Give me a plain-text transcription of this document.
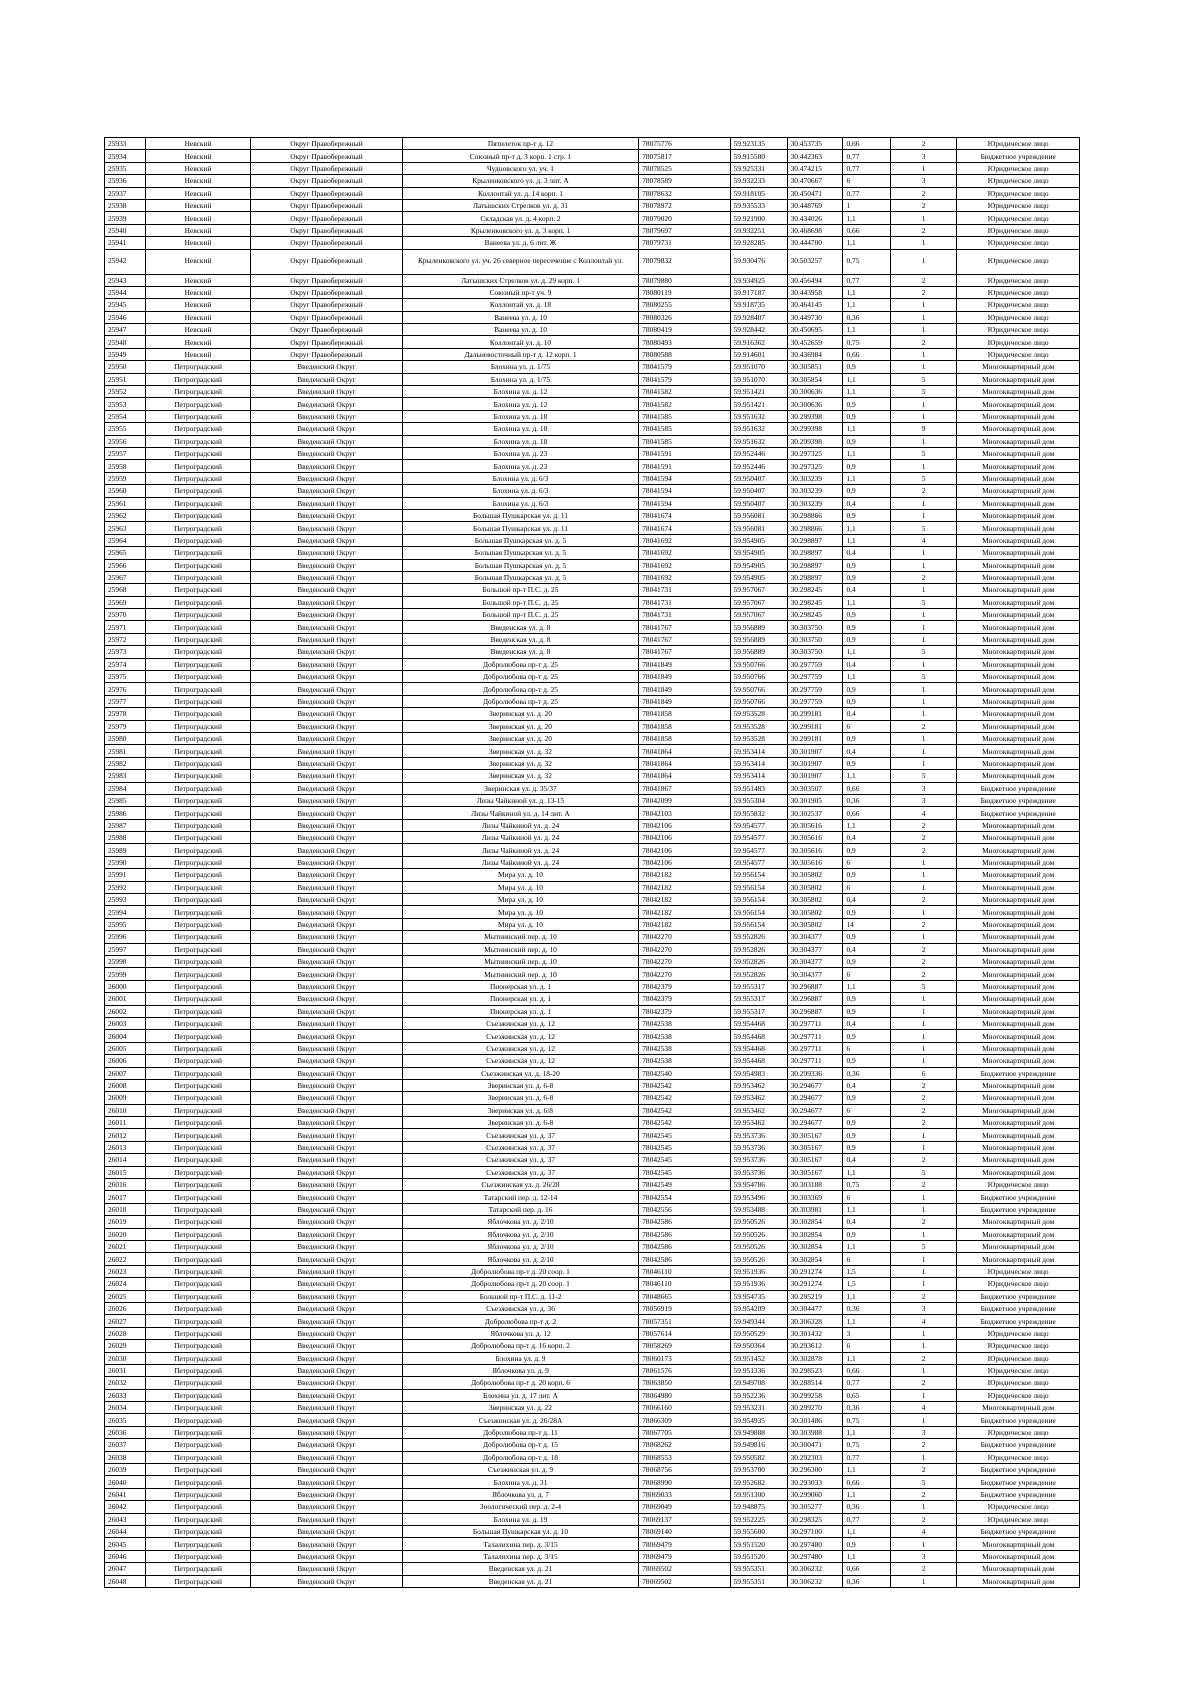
25933	Невский	Округ Правобережный	Пятилеток пр-т д. 12	78075776	59.923135	30.453735	0,66	2	Юридическое лицо
25934	Невский	Округ Правобережный	Союзный пр-т д. 3 корп. 1 стр. 1	78075817	59.915580	30.442363	0,77	3	Бюджетное учреждение
25935	Невский	Округ Правобережный	Чудновского ул. уч. 1	78078525	59.925331	30.474215	0,77	1	Юридическое лицо
25936	Невский	Округ Правобережный	Крыленковского ул. д. 3 лит. А	78078589	59.932233	30.470667	6	3	Юридическое лицо
25937	Невский	Округ Правобережный	Коллонтай ул. д. 14 корп. 1	78078632	59.918105	30.450471	0,77	2	Юридическое лицо
25938	Невский	Округ Правобережный	Латышских Стрелков ул. д. 31	78078972	59.935533	30.448769	1	2	Юридическое лицо
25939	Невский	Округ Правобережный	Складская ул. д. 4 корп. 2	78079020	59.921900	30.434026	1,1	1	Юридическое лицо
25940	Невский	Округ Правобережный	Крыленковского ул. д. 3 корп. 1	78079697	59.932251	30.468698	0,66	2	Юридическое лицо
25941	Невский	Округ Правобережный	Ванеева ул. д. 6 лит. Ж	78079731	59.928285	30.444700	1,1	1	Юридическое лицо
25942	Невский	Округ Правобережный	Крыленковского ул. уч. 26 северное пересечение с Коллонтай ул.	78079832	59.930476	30.503257	0,75	1	Юридическое лицо
25943	Невский	Округ Правобережный	Латышских Стрелков ул. д. 29 корп. 1	78079880	59.934925	30.456494	0,77	2	Юридическое лицо
25944	Невский	Округ Правобережный	Союзный пр-т уч. 9	78080119	59.917187	30.443958	1,1	2	Юридическое лицо
25945	Невский	Округ Правобережный	Коллонтай ул. д. 18	78080255	59.918735	30.464145	1,1	1	Юридическое лицо
25946	Невский	Округ Правобережный	Ванеева ул. д. 10	78080326	59.928407	30.449730	0,36	1	Юридическое лицо
25947	Невский	Округ Правобережный	Ванеева ул. д. 10	78080419	59.928442	30.450695	1,1	1	Юридическое лицо
25948	Невский	Округ Правобережный	Коллонтай ул. д. 10	78080493	59.916362	30.452659	0,75	2	Юридическое лицо
25949	Невский	Округ Правобережный	Дальневосточный пр-т д. 12 корп. 1	78080588	59.914601	30.436984	0,66	1	Юридическое лицо
25950	Петроградский	Введенский Округ	Блохина ул. д. 1/75	78041579	59.951070	30.305851	0,9	1	Многоквартирный дом
25951	Петроградский	Введенский Округ	Блохина ул. д. 1/75	78041579	59.951070	30.305854	1,1	5	Многоквартирный дом
25952	Петроградский	Введенский Округ	Блохина ул. д. 12	78041582	59.951421	30.300636	1,1	5	Многоквартирный дом
25953	Петроградский	Введенский Округ	Блохина ул. д. 12	78041582	59.951421	30.300636	0,9	1	Многоквартирный дом
25954	Петроградский	Введенский Округ	Блохина ул. д. 18	78041585	59.951632	30.299398	0,9	1	Многоквартирный дом
25955	Петроградский	Введенский Округ	Блохина ул. д. 18	78041585	59.951632	30.299398	1,1	9	Многоквартирный дом
25956	Петроградский	Введенский Округ	Блохина ул. д. 18	78041585	59.951632	30.299398	0,9	1	Многоквартирный дом
25957	Петроградский	Введенский Округ	Блохина ул. д. 23	78041591	59.952446	30.297325	1,1	5	Многоквартирный дом
25958	Петроградский	Введенский Округ	Блохина ул. д. 23	78041591	59.952446	30.297325	0,9	1	Многоквартирный дом
25959	Петроградский	Введенский Округ	Блохина ул. д. 6/3	78041594	59.950407	30.303239	1,1	5	Многоквартирный дом
25960	Петроградский	Введенский Округ	Блохина ул. д. 6/3	78041594	59.950407	30.303239	0,9	2	Многоквартирный дом
25961	Петроградский	Введенский Округ	Блохина ул. д. 6/3	78041594	59.950407	30.303239	0,4	1	Многоквартирный дом
25962	Петроградский	Введенский Округ	Большая Пушкарская ул. д. 11	78041674	59.956081	30.298866	0,9	1	Многоквартирный дом
25963	Петроградский	Введенский Округ	Большая Пушкарская ул. д. 11	78041674	59.956081	30.298866	1,1	5	Многоквартирный дом
25964	Петроградский	Введенский Округ	Большая Пушкарская ул. д. 5	78041692	59.954905	30.298897	1,1	4	Многоквартирный дом
25965	Петроградский	Введенский Округ	Большая Пушкарская ул. д. 5	78041692	59.954905	30.298897	0,4	1	Многоквартирный дом
25966	Петроградский	Введенский Округ	Большая Пушкарская ул. д. 5	78041692	59.954905	30.298897	0,9	1	Многоквартирный дом
25967	Петроградский	Введенский Округ	Большая Пушкарская ул. д. 5	78041692	59.954905	30.298897	0,9	2	Многоквартирный дом
25968	Петроградский	Введенский Округ	Большой пр-т П.С. д. 25	78041731	59.957067	30.298245	0,4	1	Многоквартирный дом
25969	Петроградский	Введенский Округ	Большой пр-т П.С. д. 25	78041731	59.957067	30.298245	1,1	5	Многоквартирный дом
25970	Петроградский	Введенский Округ	Большой пр-т П.С. д. 25	78041731	59.957067	30.298245	0,9	1	Многоквартирный дом
25971	Петроградский	Введенский Округ	Введенская ул. д. 8	78041767	59.956889	30.303750	0,9	1	Многоквартирный дом
25972	Петроградский	Введенский Округ	Введенская ул. д. 8	78041767	59.956889	30.303750	0,9	1	Многоквартирный дом
25973	Петроградский	Введенский Округ	Введенская ул. д. 8	78041767	59.956889	30.303750	1,1	5	Многоквартирный дом
25974	Петроградский	Введенский Округ	Добролюбова пр-т д. 25	78041849	59.950766	30.297759	0,4	1	Многоквартирный дом
25975	Петроградский	Введенский Округ	Добролюбова пр-т д. 25	78041849	59.950766	30.297759	1,1	5	Многоквартирный дом
25976	Петроградский	Введенский Округ	Добролюбова пр-т д. 25	78041849	59.950766	30.297759	0,9	1	Многоквартирный дом
25977	Петроградский	Введенский Округ	Добролюбова пр-т д. 25	78041849	59.950766	30.297759	0,9	1	Многоквартирный дом
25978	Петроградский	Введенский Округ	Зверинская ул. д. 20	78041858	59.953528	30.299181	0,4	1	Многоквартирный дом
25979	Петроградский	Введенский Округ	Зверинская ул. д. 20	78041858	59.953528	30.299181	6	2	Многоквартирный дом
25980	Петроградский	Введенский Округ	Зверинская ул. д. 20	78041858	59.953528	30.299181	0,9	1	Многоквартирный дом
25981	Петроградский	Введенский Округ	Зверинская ул. д. 32	78041864	59.953414	30.301907	0,4	1	Многоквартирный дом
25982	Петроградский	Введенский Округ	Зверинская ул. д. 32	78041864	59.953414	30.301907	0,9	1	Многоквартирный дом
25983	Петроградский	Введенский Округ	Зверинская ул. д. 32	78041864	59.953414	30.301907	1,1	5	Многоквартирный дом
25984	Петроградский	Введенский Округ	Зверинская ул. д. 35/37	78041867	59.951483	30.303507	0,66	3	Бюджетное учреждение
25985	Петроградский	Введенский Округ	Лизы Чайкиной ул. д. 13-15	78042099	59.955304	30.301905	0,36	3	Бюджетное учреждение
25986	Петроградский	Введенский Округ	Лизы Чайкиной ул. д. 14 лит. А	78042103	59.955832	30.302537	0,66	4	Бюджетное учреждение
25987	Петроградский	Введенский Округ	Лизы Чайкиной ул. д. 24	78042106	59.954577	30.305616	1,1	2	Многоквартирный дом
25988	Петроградский	Введенский Округ	Лизы Чайкиной ул. д. 24	78042106	59.954577	30.305616	0,4	2	Многоквартирный дом
25989	Петроградский	Введенский Округ	Лизы Чайкиной ул. д. 24	78042106	59.954577	30.305616	0,9	2	Многоквартирный дом
25990	Петроградский	Введенский Округ	Лизы Чайкиной ул. д. 24	78042106	59.954577	30.305616	6	1	Многоквартирный дом
25991	Петроградский	Введенский Округ	Мира ул. д. 10	78042182	59.956154	30.305802	0,9	1	Многоквартирный дом
25992	Петроградский	Введенский Округ	Мира ул. д. 10	78042182	59.956154	30.305802	6	1	Многоквартирный дом
25993	Петроградский	Введенский Округ	Мира ул. д. 10	78042182	59.956154	30.305802	0,4	2	Многоквартирный дом
25994	Петроградский	Введенский Округ	Мира ул. д. 10	78042182	59.956154	30.305802	0,9	1	Многоквартирный дом
25995	Петроградский	Введенский Округ	Мира ул. д. 10	78042182	59.956154	30.305802	14	2	Многоквартирный дом
25996	Петроградский	Введенский Округ	Мытнинский пер. д. 10	78042270	59.952826	30.304377	0,9	1	Многоквартирный дом
25997	Петроградский	Введенский Округ	Мытнинский пер. д. 10	78042270	59.952826	30.304377	0,4	2	Многоквартирный дом
25998	Петроградский	Введенский Округ	Мытнинский пер. д. 10	78042270	59.952826	30.304377	0,9	2	Многоквартирный дом
25999	Петроградский	Введенский Округ	Мытнинский пер. д. 10	78042270	59.952826	30.304377	6	2	Многоквартирный дом
26000	Петроградский	Введенский Округ	Пионерская ул. д. 1	78042379	59.955317	30.296887	1,1	5	Многоквартирный дом
26001	Петроградский	Введенский Округ	Пионерская ул. д. 1	78042379	59.955317	30.296887	0,9	1	Многоквартирный дом
26002	Петроградский	Введенский Округ	Пионерская ул. д. 1	78042379	59.955317	30.296887	0,9	1	Многоквартирный дом
26003	Петроградский	Введенский Округ	Съезжинская ул. д. 12	78042538	59.954468	30.297711	0,4	1	Многоквартирный дом
26004	Петроградский	Введенский Округ	Съезжинская ул. д. 12	78042538	59.954468	30.297711	0,9	1	Многоквартирный дом
26005	Петроградский	Введенский Округ	Съезжинская ул. д. 12	78042538	59.954468	30.297711	6	1	Многоквартирный дом
26006	Петроградский	Введенский Округ	Съезжинская ул. д. 12	78042538	59.954468	30.297711	0,9	1	Многоквартирный дом
26007	Петроградский	Введенский Округ	Съезжинская ул. д. 18-20	78042540	59.954983	30.299336	0,36	6	Бюджетное учреждение
26008	Петроградский	Введенский Округ	Зверинская ул. д. 6-8	78042542	59.953462	30.294677	0,4	2	Многоквартирный дом
26009	Петроградский	Введенский Округ	Зверинская ул. д. 6-8	78042542	59.953462	30.294677	0,9	2	Многоквартирный дом
26010	Петроградский	Введенский Округ	Зверинская ул. д. 6/8	78042542	59.953462	30.294677	6	2	Многоквартирный дом
26011	Петроградский	Введенский Округ	Зверинская ул. д. 6-8	78042542	59.953462	30.294677	0,9	2	Многоквартирный дом
26012	Петроградский	Введенский Округ	Съезжинская ул. д. 37	78042545	59.953736	30.305167	0,9	1	Многоквартирный дом
26013	Петроградский	Введенский Округ	Съезжинская ул. д. 37	78042545	59.953736	30.305167	0,9	1	Многоквартирный дом
26014	Петроградский	Введенский Округ	Съезжинская ул. д. 37	78042545	59.953736	30.305167	0,4	2	Многоквартирный дом
26015	Петроградский	Введенский Округ	Съезжинская ул. д. 37	78042545	59.953736	30.305167	1,1	5	Многоквартирный дом
26016	Петроградский	Введенский Округ	Съезжинская ул. д. 26/28	78042549	59.954786	30.303188	0,75	2	Юридическое лицо
26017	Петроградский	Введенский Округ	Татарский пер. д. 12-14	78042554	59.953496	30.303369	6	1	Бюджетное учреждение
26018	Петроградский	Введенский Округ	Татарский пер. д. 16	78042556	59.953488	30.303981	1,1	1	Бюджетное учреждение
26019	Петроградский	Введенский Округ	Яблочкова ул. д. 2/10	78042586	59.950526	30.302854	0,4	2	Многоквартирный дом
26020	Петроградский	Введенский Округ	Яблочкова ул. д. 2/10	78042586	59.950526	30.302854	0,9	1	Многоквартирный дом
26021	Петроградский	Введенский Округ	Яблочкова ул. д. 2/10	78042586	59.950526	30.302854	1,1	5	Многоквартирный дом
26022	Петроградский	Введенский Округ	Яблочкова ул. д. 2/10	78042586	59.950526	30.302854	6	1	Многоквартирный дом
26023	Петроградский	Введенский Округ	Добролюбова пр-т д. 20 соор. 1	78046110	59.951936	30.291274	1,5	1	Юридическое лицо
26024	Петроградский	Введенский Округ	Добролюбова пр-т д. 20 соор. 1	78046110	59.951936	30.291274	1,5	1	Юридическое лицо
26025	Петроградский	Введенский Округ	Большой пр-т П.С. д. 11-2	78048665	59.954735	30.295219	1,1	2	Бюджетное учреждение
26026	Петроградский	Введенский Округ	Съезжинская ул. д. 36	78056919	59.954209	30.304477	0,36	3	Бюджетное учреждение
26027	Петроградский	Введенский Округ	Добролюбова пр-т д. 2	78057351	59.949344	30.306328	1,1	4	Бюджетное учреждение
26028	Петроградский	Введенский Округ	Яблочкова ул. д. 12	78057614	59.950529	30.301432	3	1	Юридическое лицо
26029	Петроградский	Введенский Округ	Добролюбова пр-т д. 16 корп. 2	78058269	59.950364	30.293612	6	1	Юридическое лицо
26030	Петроградский	Введенский Округ	Блохина ул. д. 9	78060173	59.951452	30.302878	1,1	2	Юридическое лицо
26031	Петроградский	Введенский Округ	Яблочкова ул. д. 9	78061576	59.951336	30.298523	0,66	1	Юридическое лицо
26032	Петроградский	Введенский Округ	Добролюбова пр-т д. 20 корп. 6	78063850	59.949708	30.288514	0,77	2	Юридическое лицо
26033	Петроградский	Введенский Округ	Блохина ул. д. 17 лит. А	78064980	59.952236	30.299258	0,65	1	Юридическое лицо
26034	Петроградский	Введенский Округ	Зверинская ул. д. 22	78066160	59.953231	30.299270	0,36	4	Многоквартирный дом
26035	Петроградский	Введенский Округ	Съезжинская ул. д. 26/28А	78066309	59.954935	30.301486	0,75	1	Бюджетное учреждение
26036	Петроградский	Введенский Округ	Добролюбова пр-т д. 11	78067705	59.949888	30.303988	1,1	3	Юридическое лицо
26037	Петроградский	Введенский Округ	Добролюбова пр-т д. 15	78068262	59.949816	30.300471	0,75	2	Бюджетное учреждение
26038	Петроградский	Введенский Округ	Добролюбова пр-т д. 18	78068553	59.950582	30.292303	0,77	1	Юридическое лицо
26039	Петроградский	Введенский Округ	Съезжинская ул. д. 9	78068756	59.953700	30.296300	1,1	2	Бюджетное учреждение
26040	Петроградский	Введенский Округ	Блохина ул. д. 31	78068990	59.952682	30.293033	0,66	5	Бюджетное учреждение
26041	Петроградский	Введенский Округ	Яблочкова ул. д. 7	78069033	59.951300	30.299060	1,1	2	Бюджетное учреждение
26042	Петроградский	Введенский Округ	Зоологический пер. д. 2-4	78069049	59.948875	30.305277	0,36	1	Юридическое лицо
26043	Петроградский	Введенский Округ	Блохина ул. д. 19	78069137	59.952225	30.298325	0,77	2	Юридическое лицо
26044	Петроградский	Введенский Округ	Большая Пушкарская ул. д. 10	78069140	59.955600	30.297100	1,1	4	Бюджетное учреждение
26045	Петроградский	Введенский Округ	Талалихина пер. д. 3/15	78069479	59.951520	30.297480	0,9	1	Многоквартирный дом
26046	Петроградский	Введенский Округ	Талалихина пер. д. 3/15	78069479	59.951520	30.297480	1,1	3	Многоквартирный дом
26047	Петроградский	Введенский Округ	Введенская ул. д. 21	78069502	59.955351	30.306232	0,66	2	Многоквартирный дом
26048	Петроградский	Введенский Округ	Введенская ул. д. 21	78069502	59.955351	30.306232	0,36	1	Многоквартирный дом
